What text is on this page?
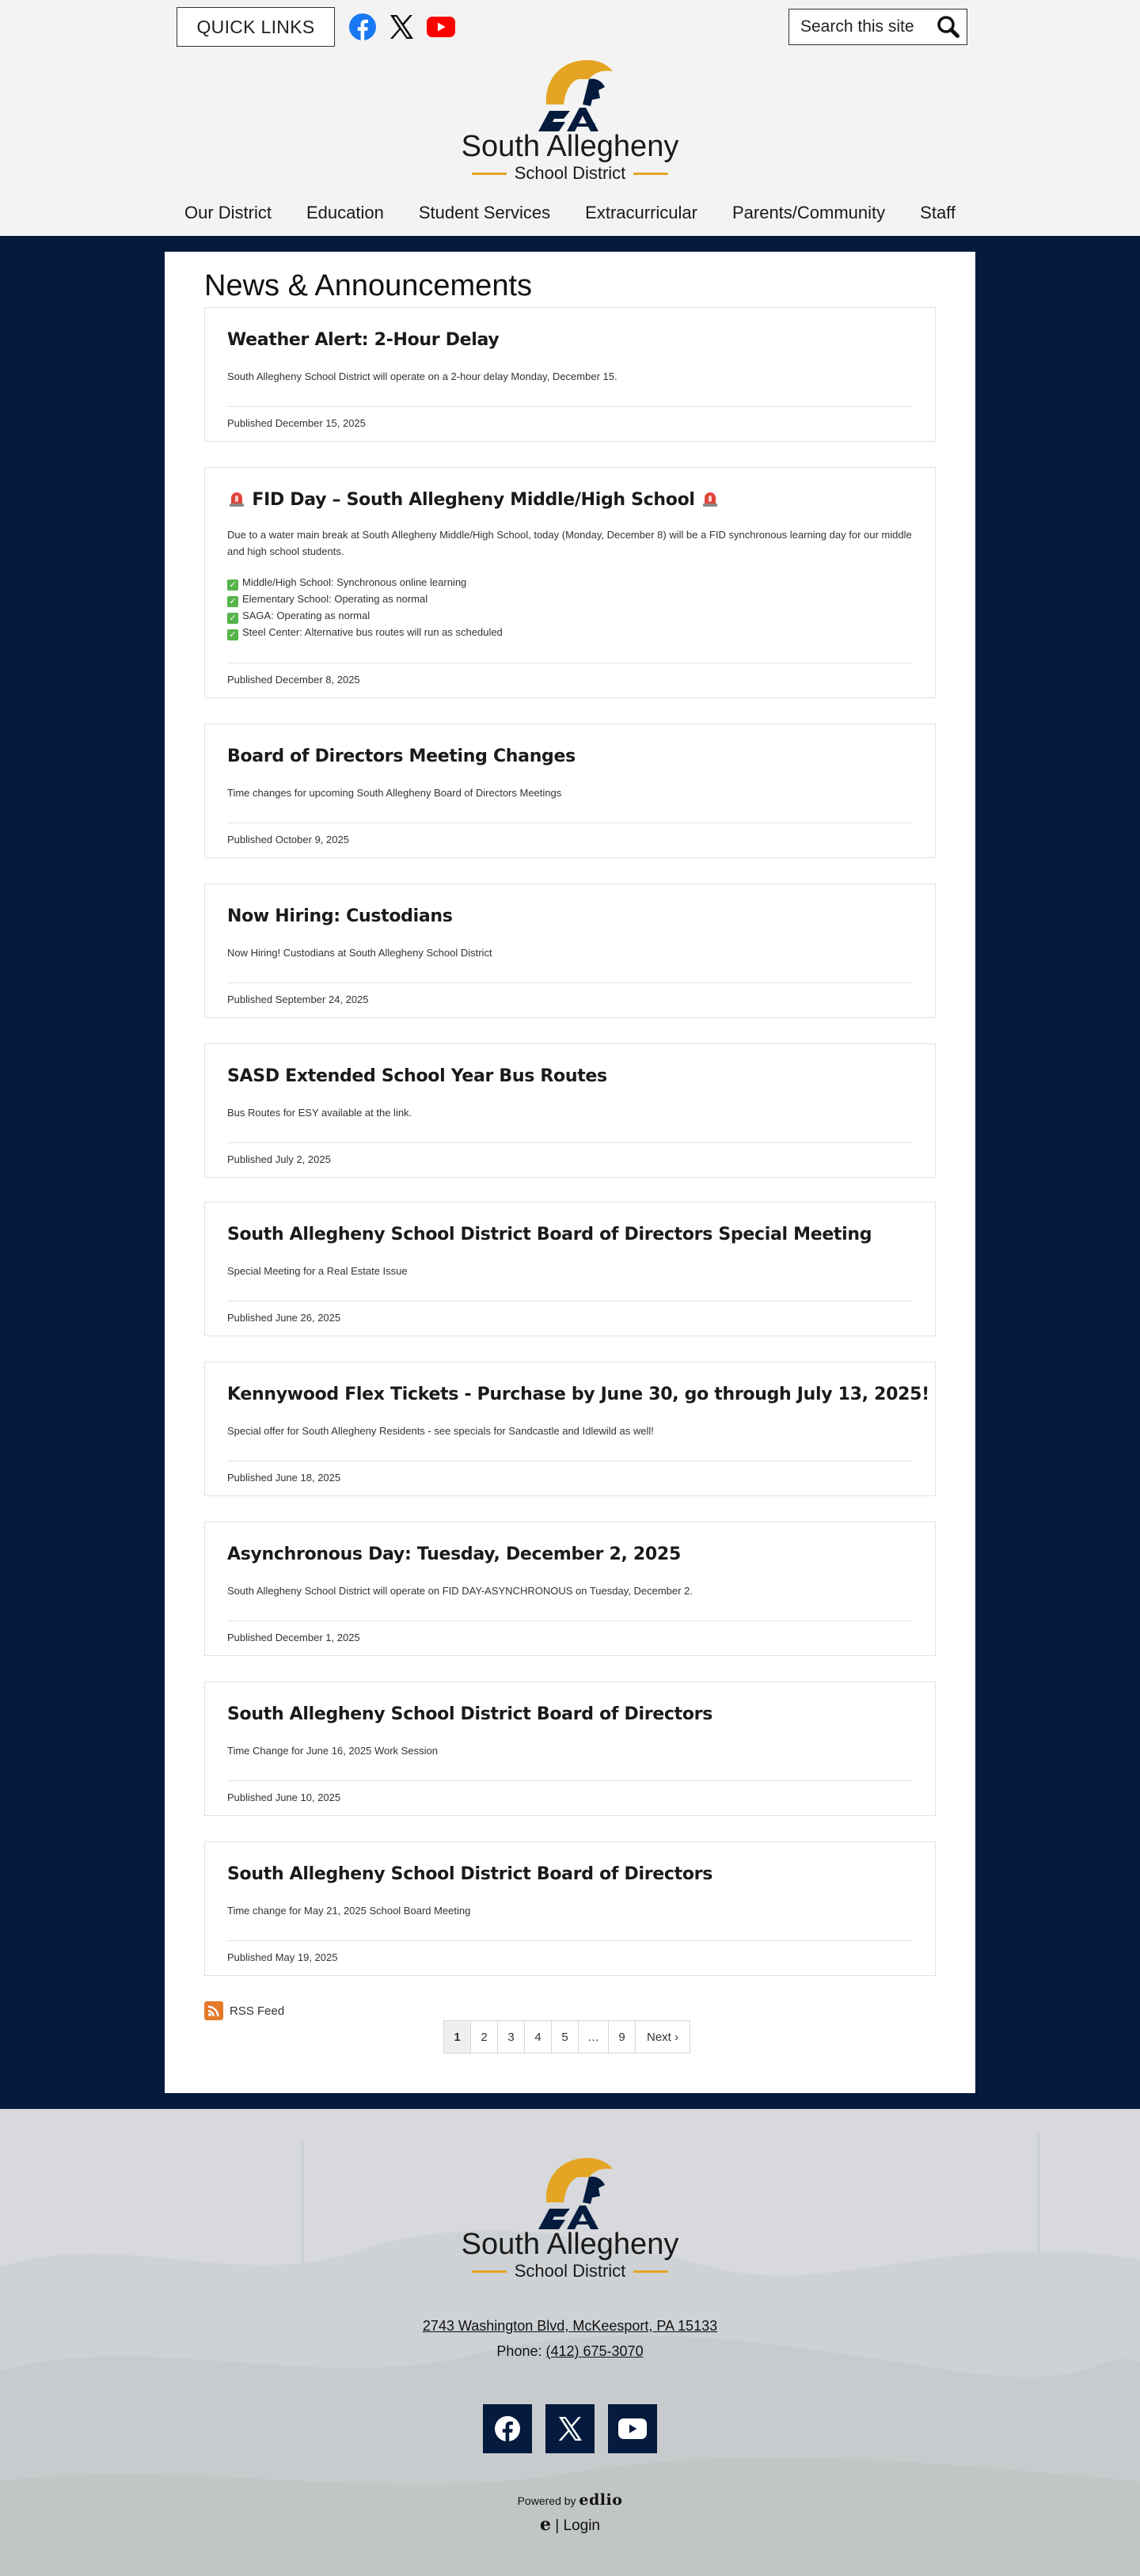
QUICK LINKS
Search this site
South Allegheny
School District
Our District	Education	Student Services	Extracurricular	Parents/Community	Staff
News & Announcements
Weather Alert: 2-Hour Delay
South Allegheny School District will operate on a 2-hour delay Monday, December 15.
Published December 15, 2025
FID Day – South Allegheny Middle/High School
Due to a water main break at South Allegheny Middle/High School, today (Monday, December 8) will be a FID synchronous learning day for our middle and high school students.
✓ Middle/High School: Synchronous online learning
✓ Elementary School: Operating as normal
✓ SAGA: Operating as normal
✓ Steel Center: Alternative bus routes will run as scheduled
Published December 8, 2025
Board of Directors Meeting Changes
Time changes for upcoming South Allegheny Board of Directors Meetings
Published October 9, 2025
Now Hiring: Custodians
Now Hiring! Custodians at South Allegheny School District
Published September 24, 2025
SASD Extended School Year Bus Routes
Bus Routes for ESY available at the link.
Published July 2, 2025
South Allegheny School District Board of Directors Special Meeting
Special Meeting for a Real Estate Issue
Published June 26, 2025
Kennywood Flex Tickets - Purchase by June 30, go through July 13, 2025!
Special offer for South Allegheny Residents - see specials for Sandcastle and Idlewild as well!
Published June 18, 2025
Asynchronous Day: Tuesday, December 2, 2025
South Allegheny School District will operate on FID DAY-ASYNCHRONOUS on Tuesday, December 2.
Published December 1, 2025
South Allegheny School District Board of Directors
Time Change for June 16, 2025 Work Session
Published June 10, 2025
South Allegheny School District Board of Directors
Time change for May 21, 2025 School Board Meeting
Published May 19, 2025
RSS Feed
1	2	3	4	5	…	9	Next ›
South Allegheny
School District
2743 Washington Blvd, McKeesport, PA 15133
Phone: (412) 675-3070
Powered by edlio
e | Login
